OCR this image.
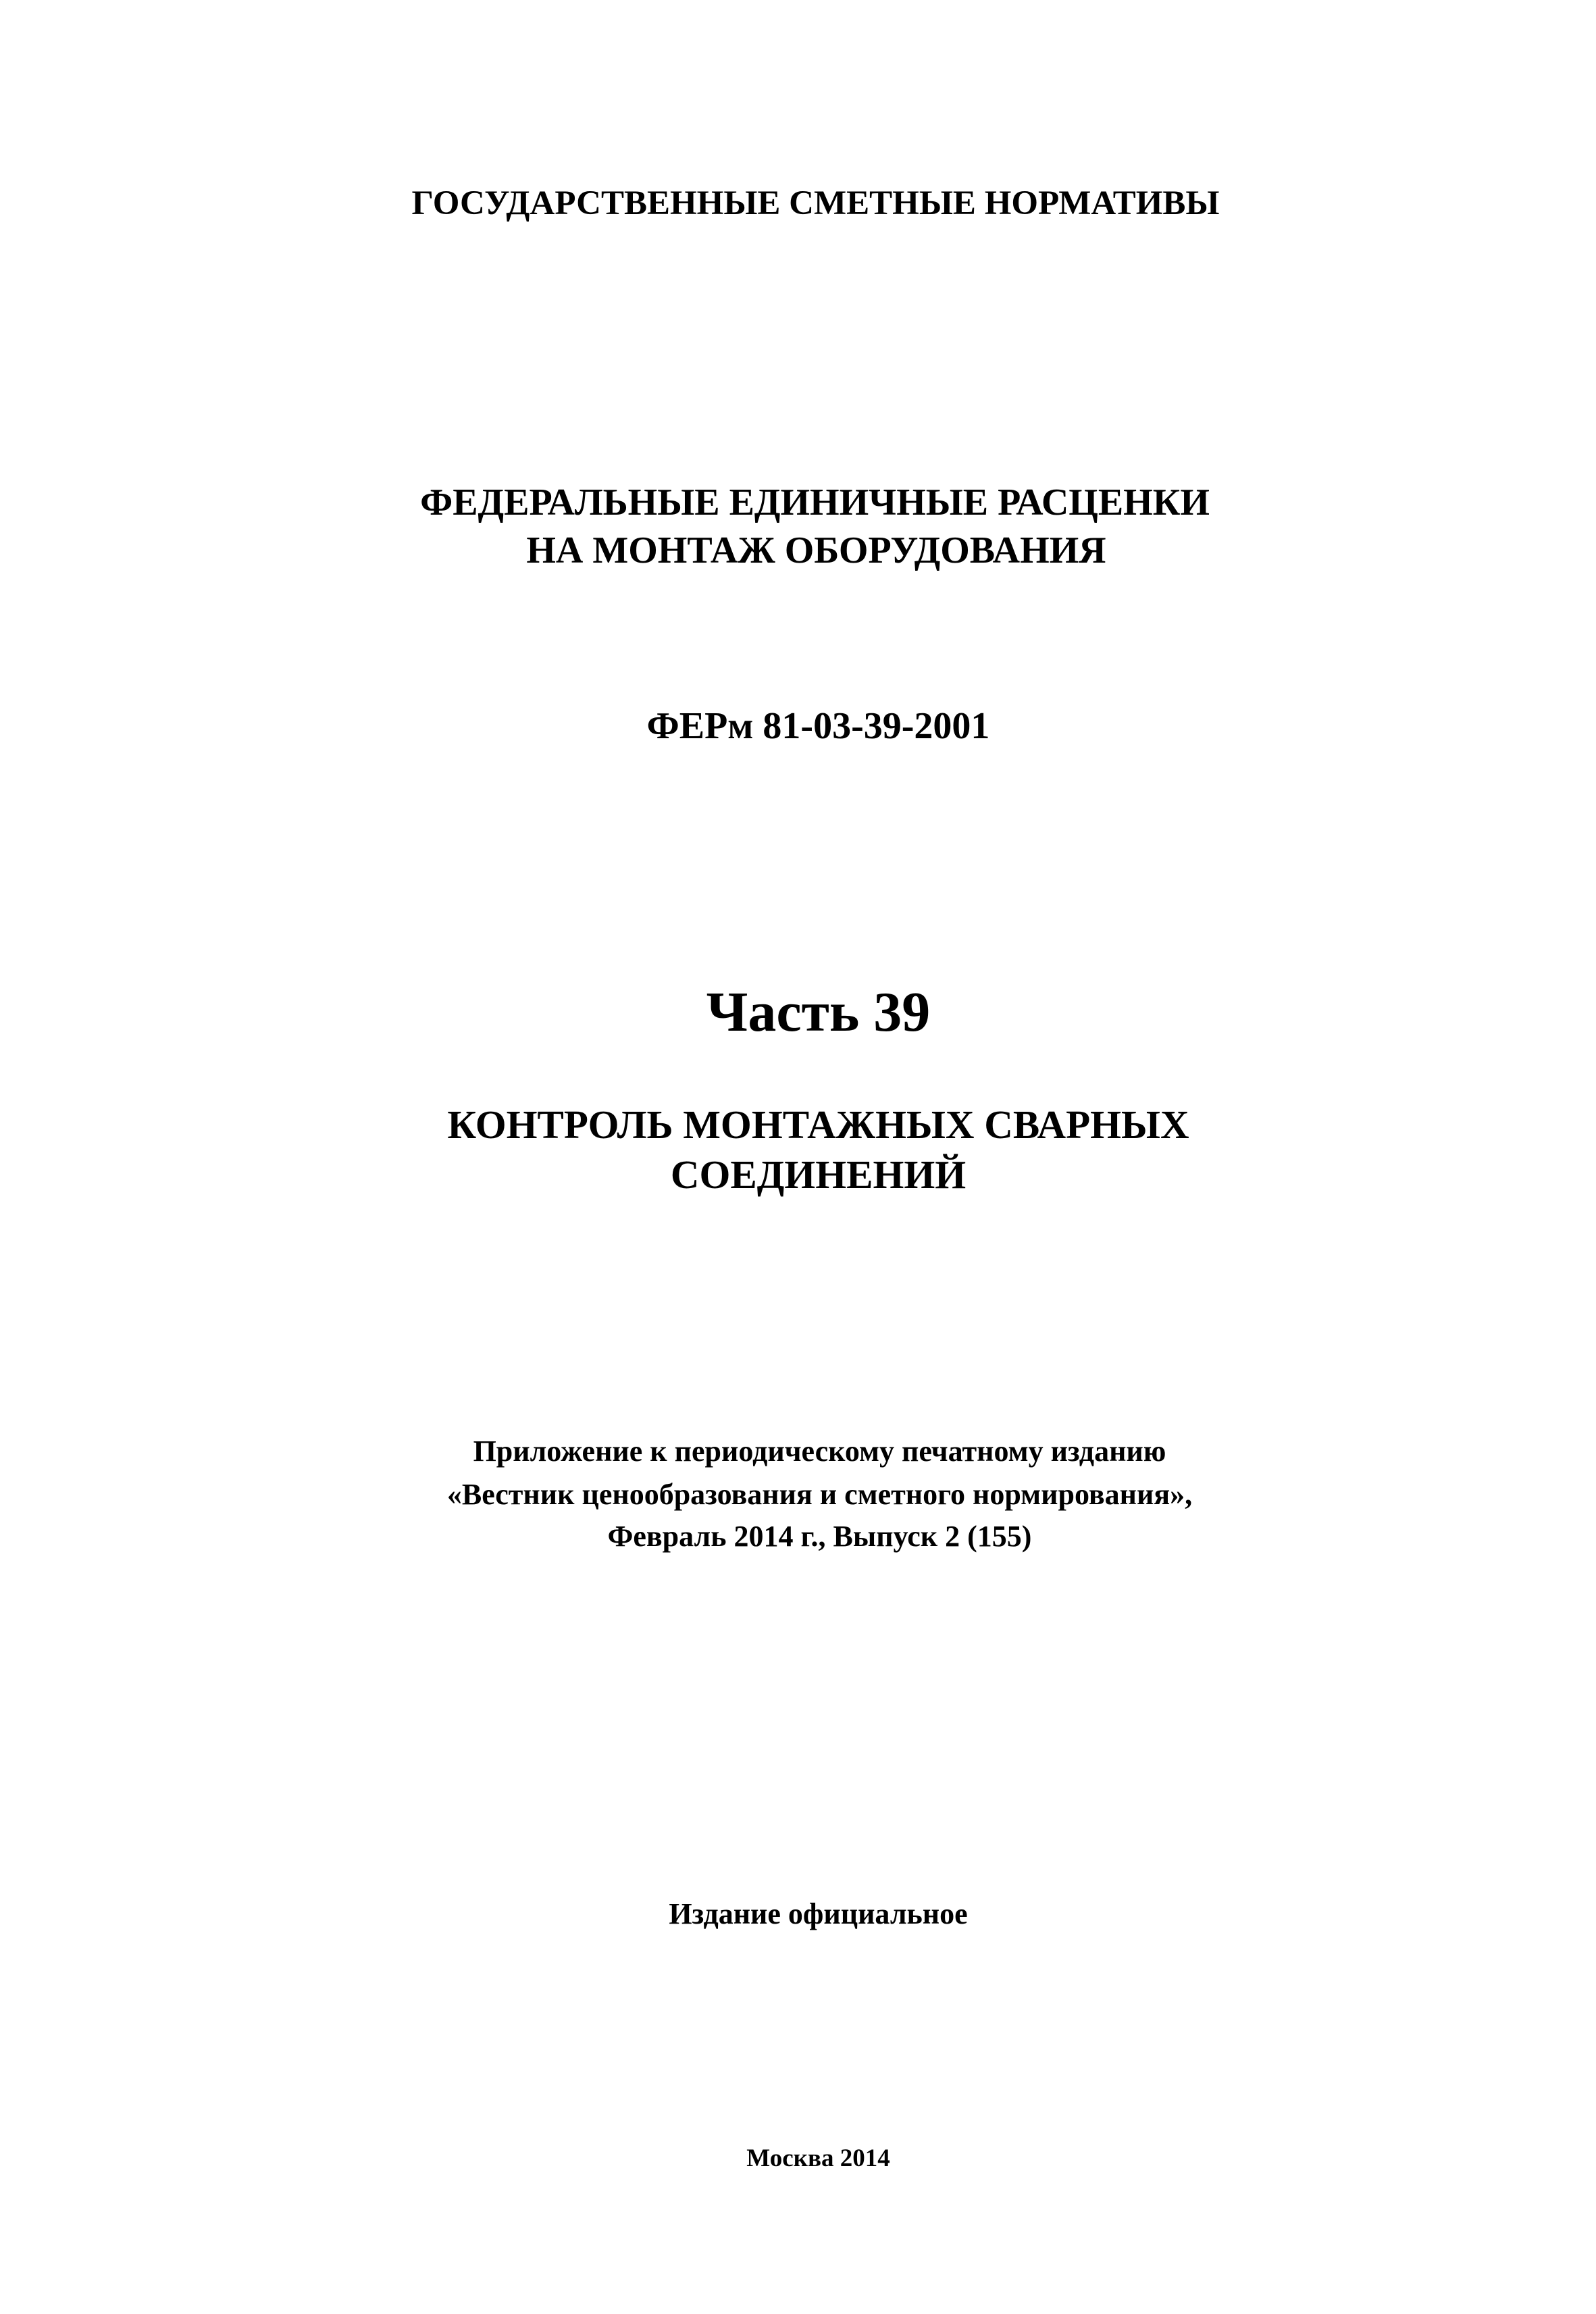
ГОСУДАРСТВЕННЫЕ СМЕТНЫЕ НОРМАТИВЫ

ФЕДЕРАЛЬНЫЕ ЕДИНИЧНЫЕ РАСЦЕНКИ

НА МОНТАЖ ОБОРУДОВАНИЯ

ФЕРм 81-03-39-2001

Часть 39

КОНТРОЛЬ МОНТАЖНЫХ СВАРНЫХ

СОЕДИНЕНИЙ

Приложение к периодическому печатному изданию

«Вестник ценообразования и сметного нормирования»,

Февраль 2014 г., Выпуск 2 (155)

Издание официальное

Москва 2014
